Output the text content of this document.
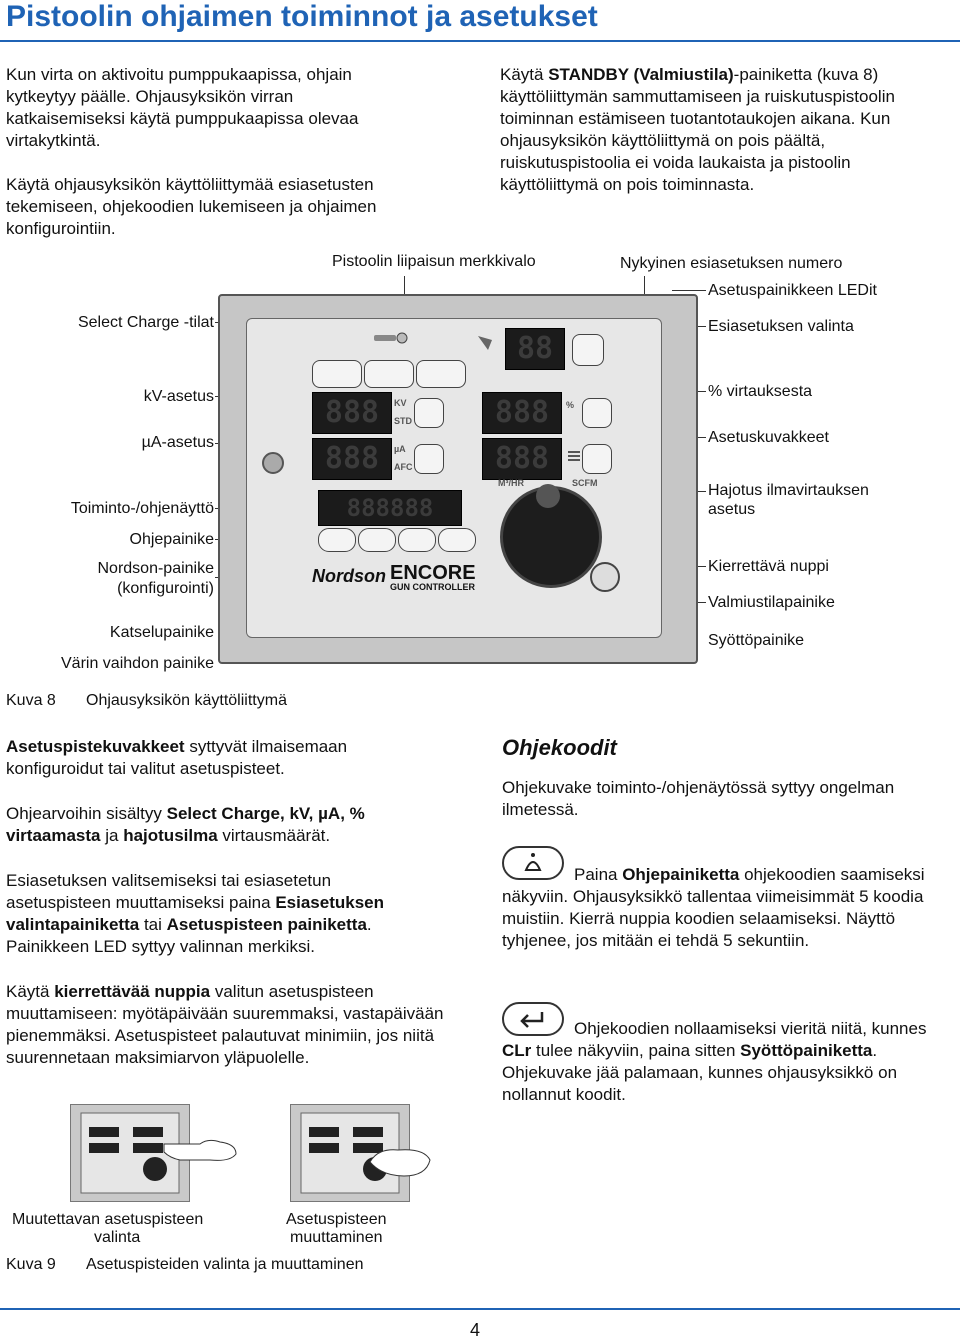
Pistoolin ohjaimen toiminnot ja asetukset
Kun virta on aktivoitu pumppukaapissa, ohjain kytkeytyy päälle. Ohjausyksikön virran katkaisemiseksi käytä pumppukaapissa olevaa virtakytkintä.
Käytä ohjausyksikön käyttöliittymää esiasetusten tekemiseen, ohjekoodien lukemiseen ja ohjaimen konfigurointiin.
Käytä STANDBY (Valmiustila)-painiketta (kuva 8) käyttöliittymän sammuttamiseen ja ruiskutuspistoolin toiminnan estämiseen tuotantotaukojen aikana. Kun ohjausyksikön käyttöliittymä on pois päältä, ruiskutuspistoolia ei voida laukaista ja pistoolin käyttöliittymä on pois toiminnasta.
Pistoolin liipaisun merkkivalo	Nykyinen esiasetuksen numero
Select Charge -tilat
kV-asetus
µA-asetus
Toiminto-/ohjenäyttö
Ohjepainike
Nordson-painike
(konfigurointi)
Katselupainike
Värin vaihdon painike
Asetuspainikkeen LEDit
Esiasetuksen valinta
% virtauksesta
Asetuskuvakkeet
Hajotus ilmavirtauksen
asetus
Kierrettävä nuppi
Valmiustilapainike
Syöttöpainike
88
888	KV
STD
888	µA
AFC
888	%
888
888888
M³/HR	SCFM
Nordson ENCORE
GUN CONTROLLER
Kuva 8 Ohjausyksikön käyttöliittymä
Asetuspistekuvakkeet syttyvät ilmaisemaan konfiguroidut tai valitut asetuspisteet.
Ohjearvoihin sisältyy Select Charge, kV, µA, % virtaamasta ja hajotusilma virtausmäärät.
Esiasetuksen valitsemiseksi tai esiasetetun asetuspisteen muuttamiseksi paina Esiasetuksen valintapainiketta tai Asetuspisteen painiketta. Painikkeen LED syttyy valinnan merkiksi.
Käytä kierrettävää nuppia valitun asetuspisteen muuttamiseen: myötäpäivään suuremmaksi, vastapäivään pienemmäksi. Asetuspisteet palautuvat minimiin, jos niitä suurennetaan maksimiarvon yläpuolelle.
Ohjekoodit
Ohjekuvake toiminto-/ohjenäytössä syttyy ongelman ilmetessä.
Paina Ohjepainiketta ohjekoodien saamiseksi näkyviin. Ohjausyksikkö tallentaa viimeisimmät 5 koodia muistiin. Kierrä nuppia koodien selaamiseksi. Näyttö tyhjenee, jos mitään ei tehdä 5 sekuntiin.
Ohjekoodien nollaamiseksi vieritä niitä, kunnes CLr tulee näkyviin, paina sitten Syöttöpainiketta. Ohjekuvake jää palamaan, kunnes ohjausyksikkö on nollannut koodit.
Muutettavan asetuspisteen
valinta
Asetuspisteen
muuttaminen
Kuva 9 Asetuspisteiden valinta ja muuttaminen
4
